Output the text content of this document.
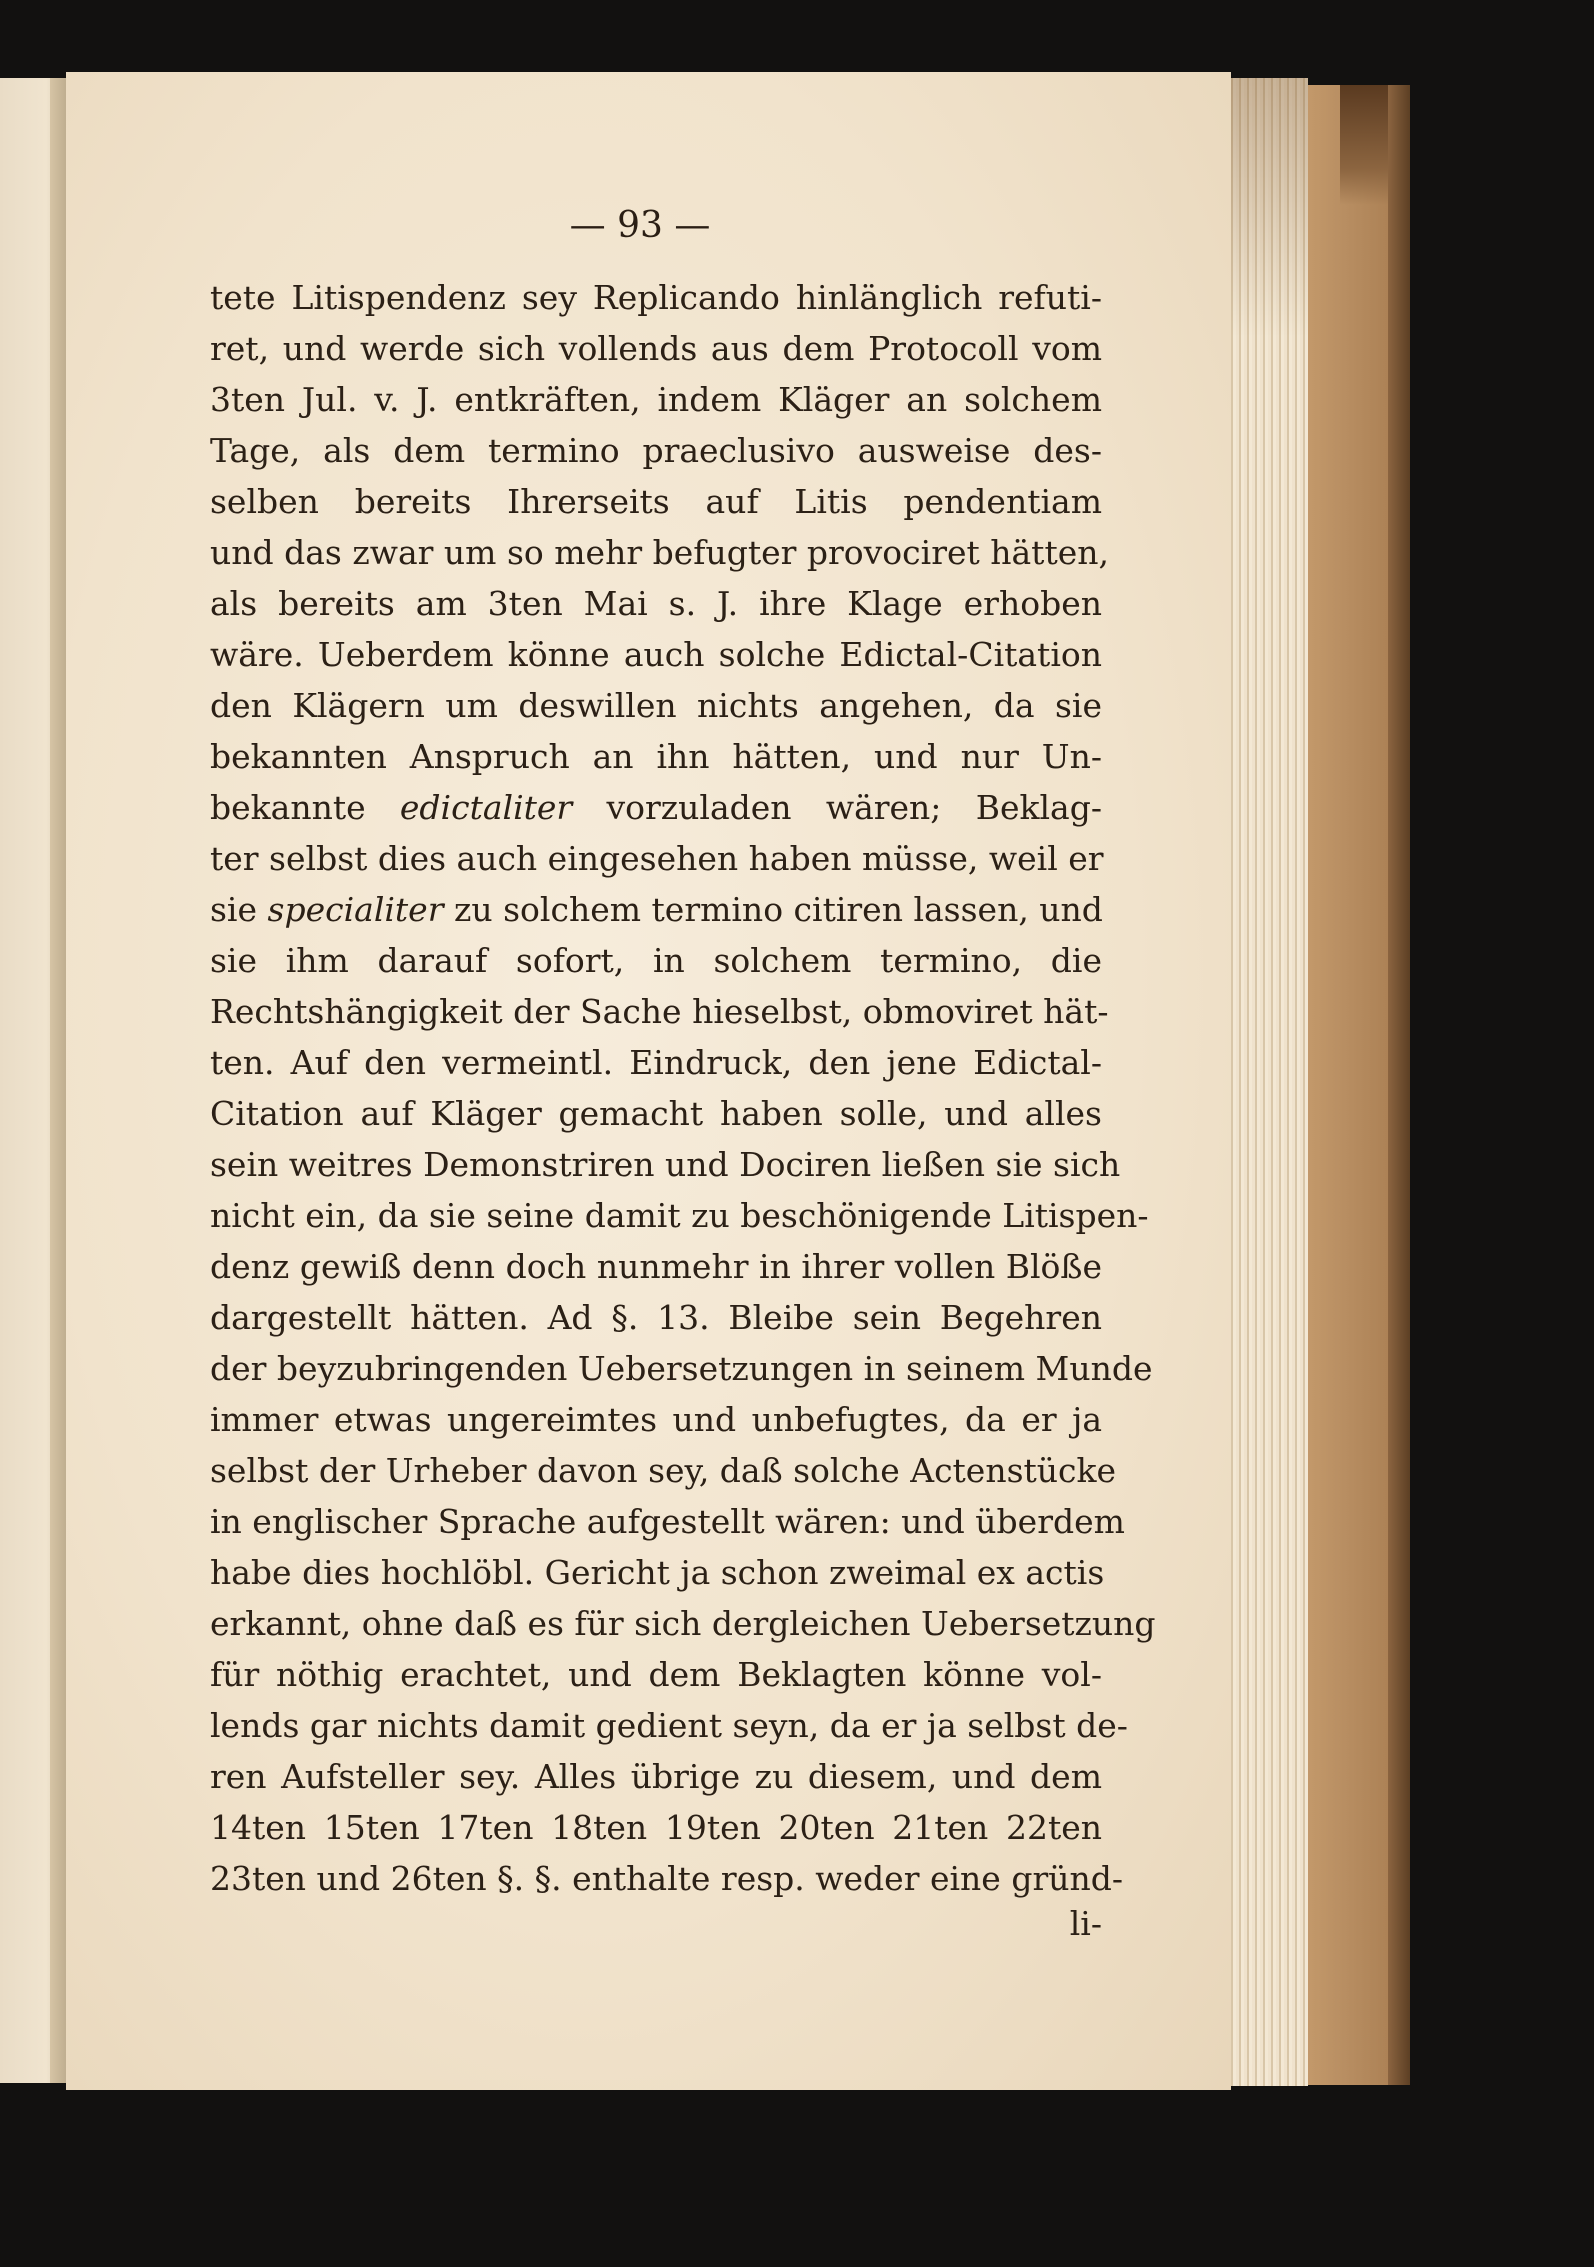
— 93 —
tete Litispendenz sey Replicando hinlänglich refuti-
ret, und werde sich vollends aus dem Protocoll vom
3ten Jul. v. J. entkräften, indem Kläger an solchem
Tage, als dem termino praeclusivo ausweise des-
selben bereits Ihrerseits auf Litis pendentiam
und das zwar um so mehr befugter provociret hätten,
als bereits am 3ten Mai s. J. ihre Klage erhoben
wäre. Ueberdem könne auch solche Edictal-Citation
den Klägern um deswillen nichts angehen, da sie
bekannten Anspruch an ihn hätten, und nur Un-
bekannte edictaliter vorzuladen wären; Beklag-
ter selbst dies auch eingesehen haben müsse, weil er
sie specialiter zu solchem termino citiren lassen, und
sie ihm darauf sofort, in solchem termino, die
Rechtshängigkeit der Sache hieselbst, obmoviret hät-
ten. Auf den vermeintl. Eindruck, den jene Edictal-
Citation auf Kläger gemacht haben solle, und alles
sein weitres Demonstriren und Dociren ließen sie sich
nicht ein, da sie seine damit zu beschönigende Litispen-
denz gewiß denn doch nunmehr in ihrer vollen Blöße
dargestellt hätten. Ad §. 13. Bleibe sein Begehren
der beyzubringenden Uebersetzungen in seinem Munde
immer etwas ungereimtes und unbefugtes, da er ja
selbst der Urheber davon sey, daß solche Actenstücke
in englischer Sprache aufgestellt wären: und überdem
habe dies hochlöbl. Gericht ja schon zweimal ex actis
erkannt, ohne daß es für sich dergleichen Uebersetzung
für nöthig erachtet, und dem Beklagten könne vol-
lends gar nichts damit gedient seyn, da er ja selbst de-
ren Aufsteller sey. Alles übrige zu diesem, und dem
14ten 15ten 17ten 18ten 19ten 20ten 21ten 22ten
23ten und 26ten §. §. enthalte resp. weder eine gründ-
li-
